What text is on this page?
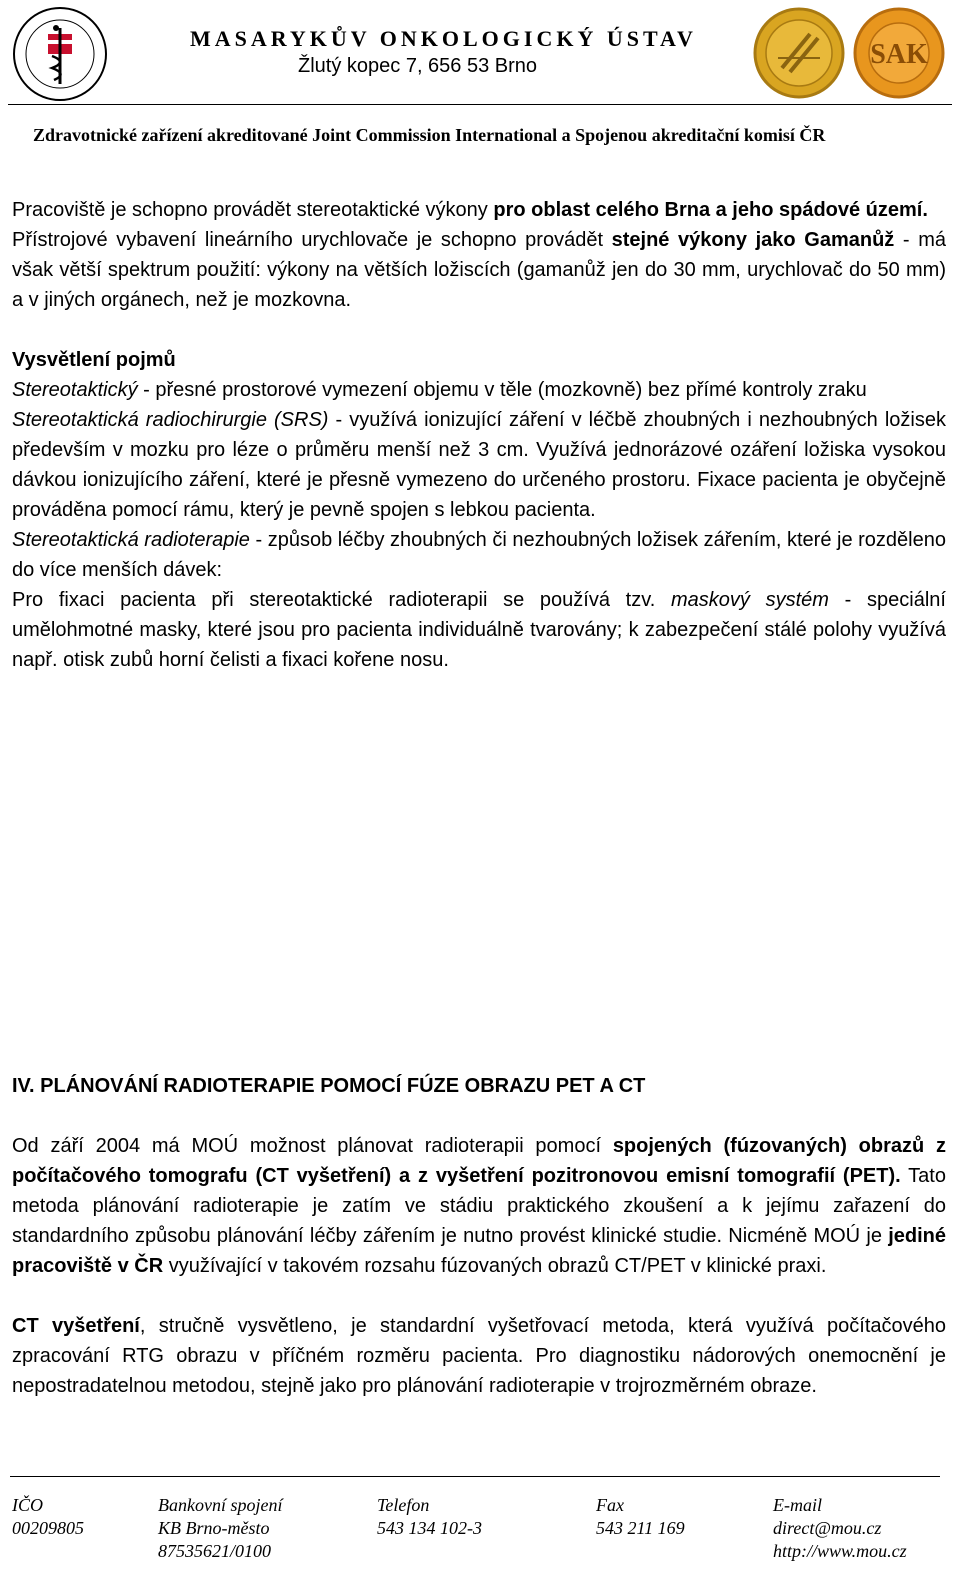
MASARYKŮV ONKOLOGICKÝ ÚSTAV
Žlutý kopec 7, 656 53 Brno	SAK
Zdravotnické zařízení akreditované Joint Commission International a Spojenou akreditační komisí ČR

Pracoviště je schopno provádět stereotaktické výkony pro oblast celého Brna a jeho spádové území.

Přístrojové vybavení lineárního urychlovače je schopno provádět stejné výkony jako Gamanůž - má však větší spektrum použití: výkony na větších ložiscích (gamanůž jen do 30 mm, urychlovač do 50 mm) a v jiných orgánech, než je mozkovna.

Vysvětlení pojmů

Stereotaktický - přesné prostorové vymezení objemu v těle (mozkovně) bez přímé kontroly zraku

Stereotaktická radiochirurgie (SRS) - využívá ionizující záření v léčbě zhoubných i nezhoubných ložisek především v mozku pro léze o průměru menší než 3 cm. Využívá jednorázové ozáření ložiska vysokou dávkou ionizujícího záření, které je přesně vymezeno do určeného prostoru. Fixace pacienta je obyčejně prováděna pomocí rámu, který je pevně spojen s lebkou pacienta.

Stereotaktická radioterapie - způsob léčby zhoubných či nezhoubných ložisek zářením, které je rozděleno do více menších dávek:

Pro fixaci pacienta při stereotaktické radioterapii se používá tzv. maskový systém - speciální umělohmotné masky, které jsou pro pacienta individuálně tvarovány; k zabezpečení stálé polohy využívá např. otisk zubů horní čelisti a fixaci kořene nosu.

IV. PLÁNOVÁNÍ RADIOTERAPIE POMOCÍ FÚZE OBRAZU PET A CT

Od září 2004 má MOÚ možnost plánovat radioterapii pomocí spojených (fúzovaných) obrazů z počítačového tomografu (CT vyšetření) a z vyšetření pozitronovou emisní tomografií (PET). Tato metoda plánování radioterapie je zatím ve stádiu praktického zkoušení a k jejímu zařazení do standardního způsobu plánování léčby zářením je nutno provést klinické studie. Nicméně MOÚ je jediné pracoviště v ČR využívající v takovém rozsahu fúzovaných obrazů CT/PET v klinické praxi.

CT vyšetření, stručně vysvětleno, je standardní vyšetřovací metoda, která využívá počítačového zpracování RTG obrazu v příčném rozměru pacienta. Pro diagnostiku nádorových onemocnění je nepostradatelnou metodou, stejně jako pro plánování radioterapie v trojrozměrném obraze.

IČO
00209805
Bankovní spojení
KB Brno-město
87535621/0100
Telefon
543 134 102-3
Fax
543 211 169
E-mail
direct@mou.cz
http://www.mou.cz
